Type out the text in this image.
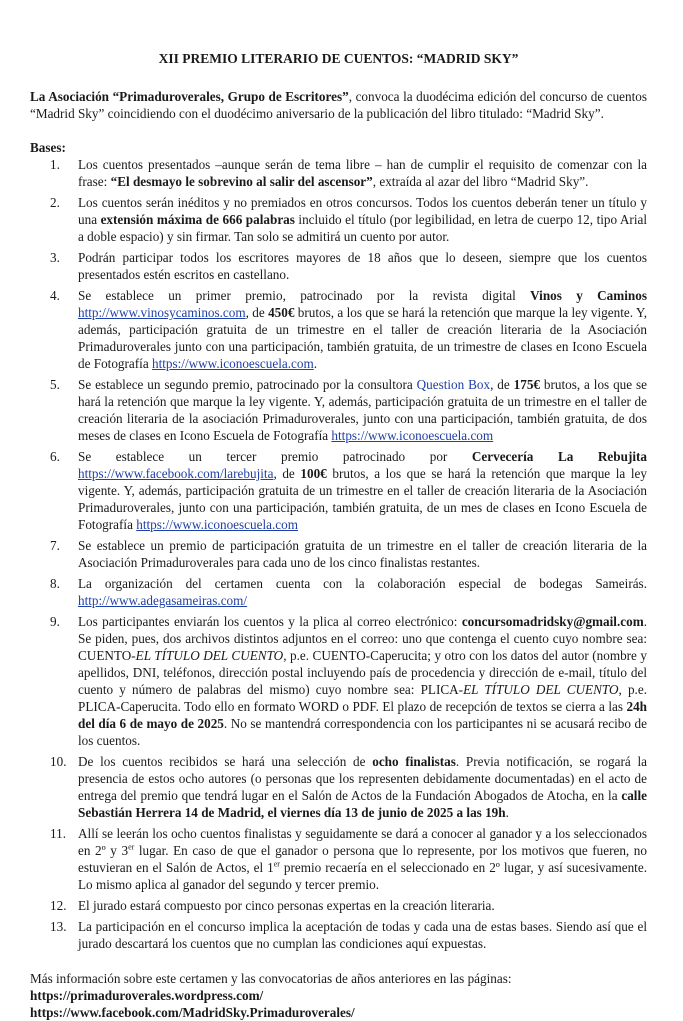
XII PREMIO LITERARIO DE CUENTOS: “MADRID SKY”

La Asociación “Primaduroverales, Grupo de Escritores”, convoca la duodécima edición del concurso de cuentos “Madrid Sky” coincidiendo con el duodécimo aniversario de la publicación del libro titulado: “Madrid Sky”.

Bases:

1. Los cuentos presentados –aunque serán de tema libre – han de cumplir el requisito de comenzar con la frase: “El desmayo le sobrevino al salir del ascensor”, extraída al azar del libro “Madrid Sky”.
2. Los cuentos serán inéditos y no premiados en otros concursos. Todos los cuentos deberán tener un título y una extensión máxima de 666 palabras incluido el título (por legibilidad, en letra de cuerpo 12, tipo Arial a doble espacio) y sin firmar. Tan solo se admitirá un cuento por autor.
3. Podrán participar todos los escritores mayores de 18 años que lo deseen, siempre que los cuentos presentados estén escritos en castellano.
4. Se establece un primer premio, patrocinado por la revista digital Vinos y Caminos http://www.vinosycaminos.com, de 450€ brutos, a los que se hará la retención que marque la ley vigente. Y, además, participación gratuita de un trimestre en el taller de creación literaria de la Asociación Primaduroverales junto con una participación, también gratuita, de un trimestre de clases en Icono Escuela de Fotografía https://www.iconoescuela.com.
5. Se establece un segundo premio, patrocinado por la consultora Question Box, de 175€ brutos, a los que se hará la retención que marque la ley vigente. Y, además, participación gratuita de un trimestre en el taller de creación literaria de la asociación Primaduroverales, junto con una participación, también gratuita, de dos meses de clases en Icono Escuela de Fotografía https://www.iconoescuela.com
6. Se establece un tercer premio patrocinado por Cervecería La Rebujita https://www.facebook.com/larebujita, de 100€ brutos, a los que se hará la retención que marque la ley vigente. Y, además, participación gratuita de un trimestre en el taller de creación literaria de la Asociación Primaduroverales, junto con una participación, también gratuita, de un mes de clases en Icono Escuela de Fotografía https://www.iconoescuela.com
7. Se establece un premio de participación gratuita de un trimestre en el taller de creación literaria de la Asociación Primaduroverales para cada uno de los cinco finalistas restantes.
8. La organización del certamen cuenta con la colaboración especial de bodegas Sameirás. http://www.adegasameiras.com/
9. Los participantes enviarán los cuentos y la plica al correo electrónico: concursomadridsky@gmail.com. Se piden, pues, dos archivos distintos adjuntos en el correo: uno que contenga el cuento cuyo nombre sea: CUENTO-EL TÍTULO DEL CUENTO, p.e. CUENTO-Caperucita; y otro con los datos del autor (nombre y apellidos, DNI, teléfonos, dirección postal incluyendo país de procedencia y dirección de e-mail, título del cuento y número de palabras del mismo) cuyo nombre sea: PLICA-EL TÍTULO DEL CUENTO, p.e. PLICA-Caperucita. Todo ello en formato WORD o PDF. El plazo de recepción de textos se cierra a las 24h del día 6 de mayo de 2025. No se mantendrá correspondencia con los participantes ni se acusará recibo de los cuentos.
10. De los cuentos recibidos se hará una selección de ocho finalistas. Previa notificación, se rogará la presencia de estos ocho autores (o personas que los representen debidamente documentadas) en el acto de entrega del premio que tendrá lugar en el Salón de Actos de la Fundación Abogados de Atocha, en la calle Sebastián Herrera 14 de Madrid, el viernes día 13 de junio de 2025 a las 19h.
11. Allí se leerán los ocho cuentos finalistas y seguidamente se dará a conocer al ganador y a los seleccionados en 2º y 3er lugar. En caso de que el ganador o persona que lo represente, por los motivos que fueren, no estuvieran en el Salón de Actos, el 1er premio recaería en el seleccionado en 2º lugar, y así sucesivamente. Lo mismo aplica al ganador del segundo y tercer premio.
12. El jurado estará compuesto por cinco personas expertas en la creación literaria.
13. La participación en el concurso implica la aceptación de todas y cada una de estas bases. Siendo así que el jurado descartará los cuentos que no cumplan las condiciones aquí expuestas.
Más información sobre este certamen y las convocatorias de años anteriores en las páginas:
https://primaduroverales.wordpress.com/
https://www.facebook.com/MadridSky.Primaduroverales/
